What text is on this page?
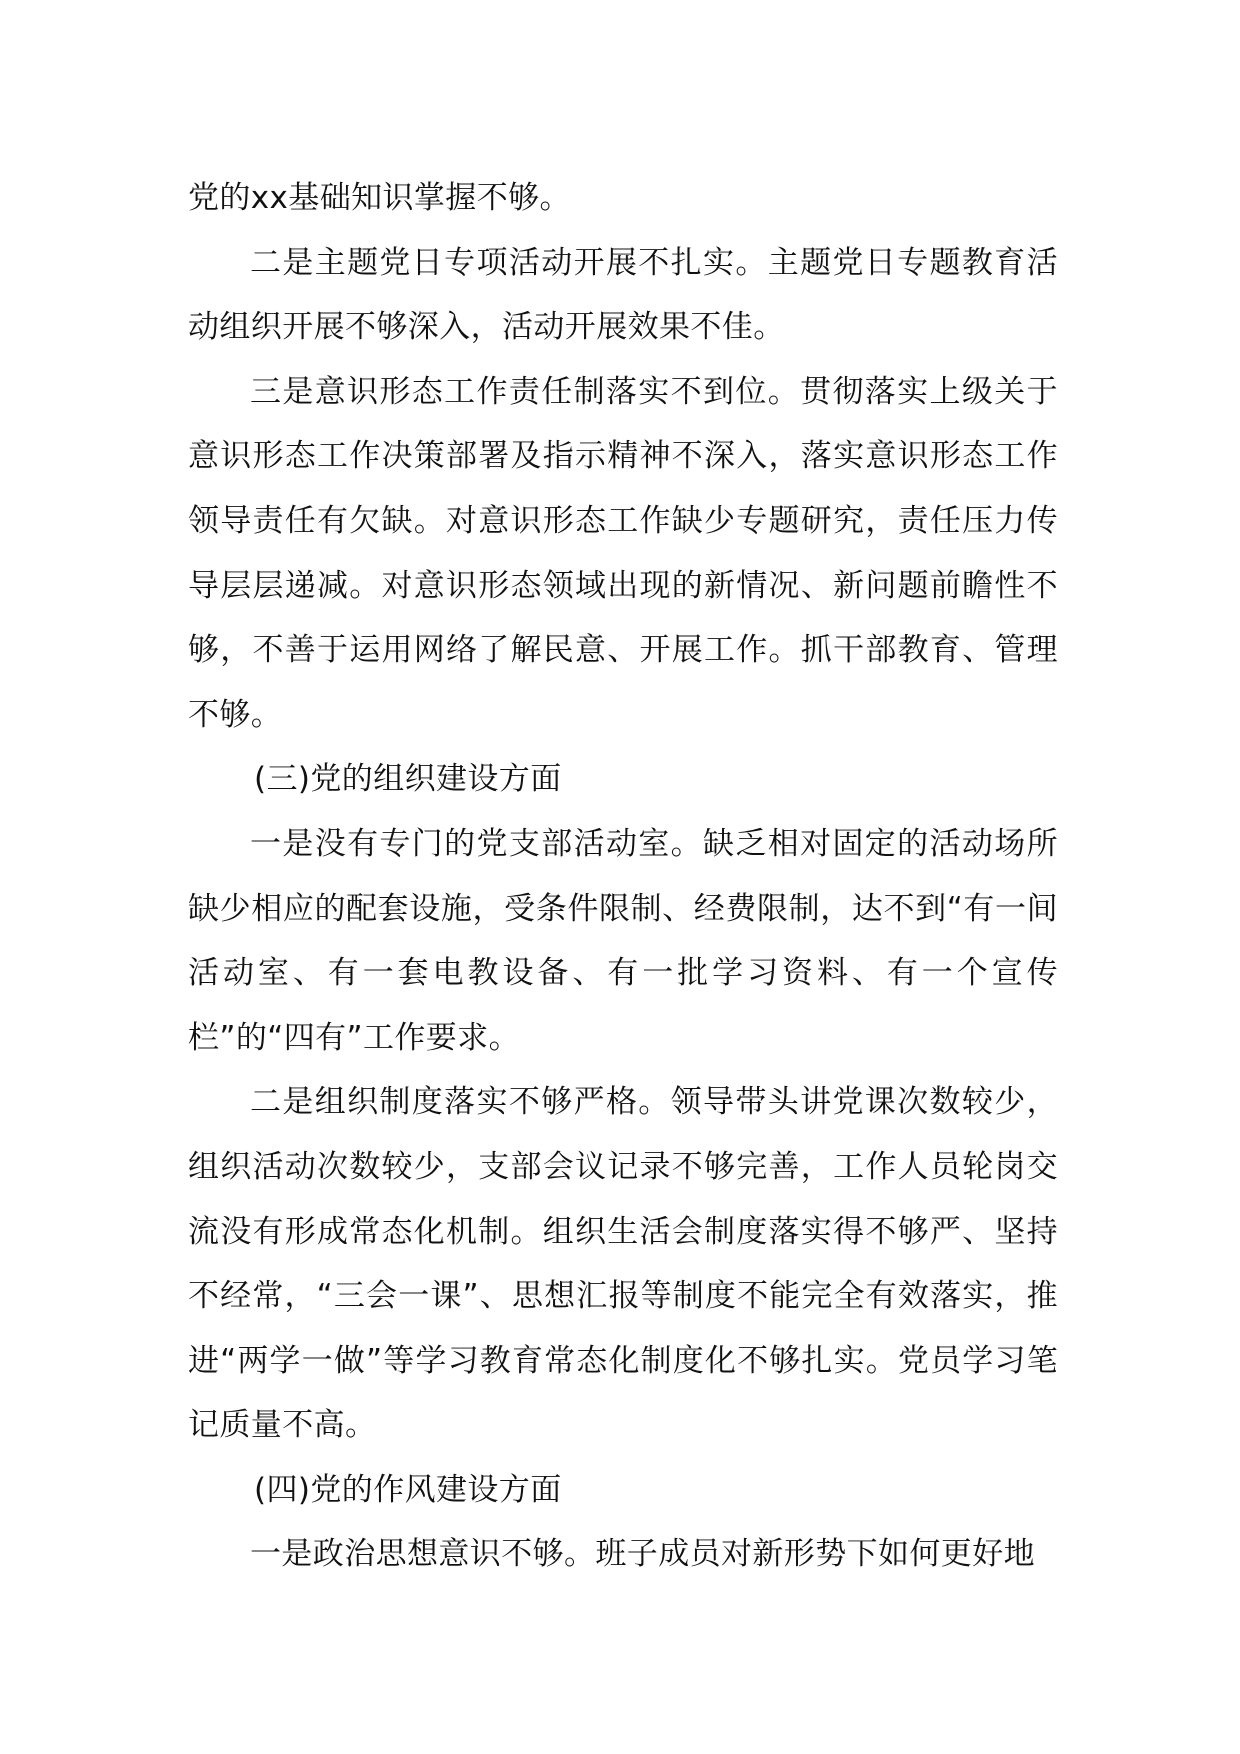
党的xx基础知识掌握不够。

二是主题党日专项活动开展不扎实。主题党日专题教育活动组织开展不够深入，活动开展效果不佳。

三是意识形态工作责任制落实不到位。贯彻落实上级关于意识形态工作决策部署及指示精神不深入，落实意识形态工作领导责任有欠缺。对意识形态工作缺少专题研究，责任压力传导层层递减。对意识形态领域出现的新情况、新问题前瞻性不够，不善于运用网络了解民意、开展工作。抓干部教育、管理不够。

(三)党的组织建设方面

一是没有专门的党支部活动室。缺乏相对固定的活动场所缺少相应的配套设施，受条件限制、经费限制，达不到“有一间活动室、有一套电教设备、有一批学习资料、有一个宣传栏”的“四有”工作要求。

二是组织制度落实不够严格。领导带头讲党课次数较少，组织活动次数较少，支部会议记录不够完善，工作人员轮岗交流没有形成常态化机制。组织生活会制度落实得不够严、坚持不经常，“三会一课”、思想汇报等制度不能完全有效落实，推进“两学一做”等学习教育常态化制度化不够扎实。党员学习笔记质量不高。

(四)党的作风建设方面

一是政治思想意识不够。班子成员对新形势下如何更好地
